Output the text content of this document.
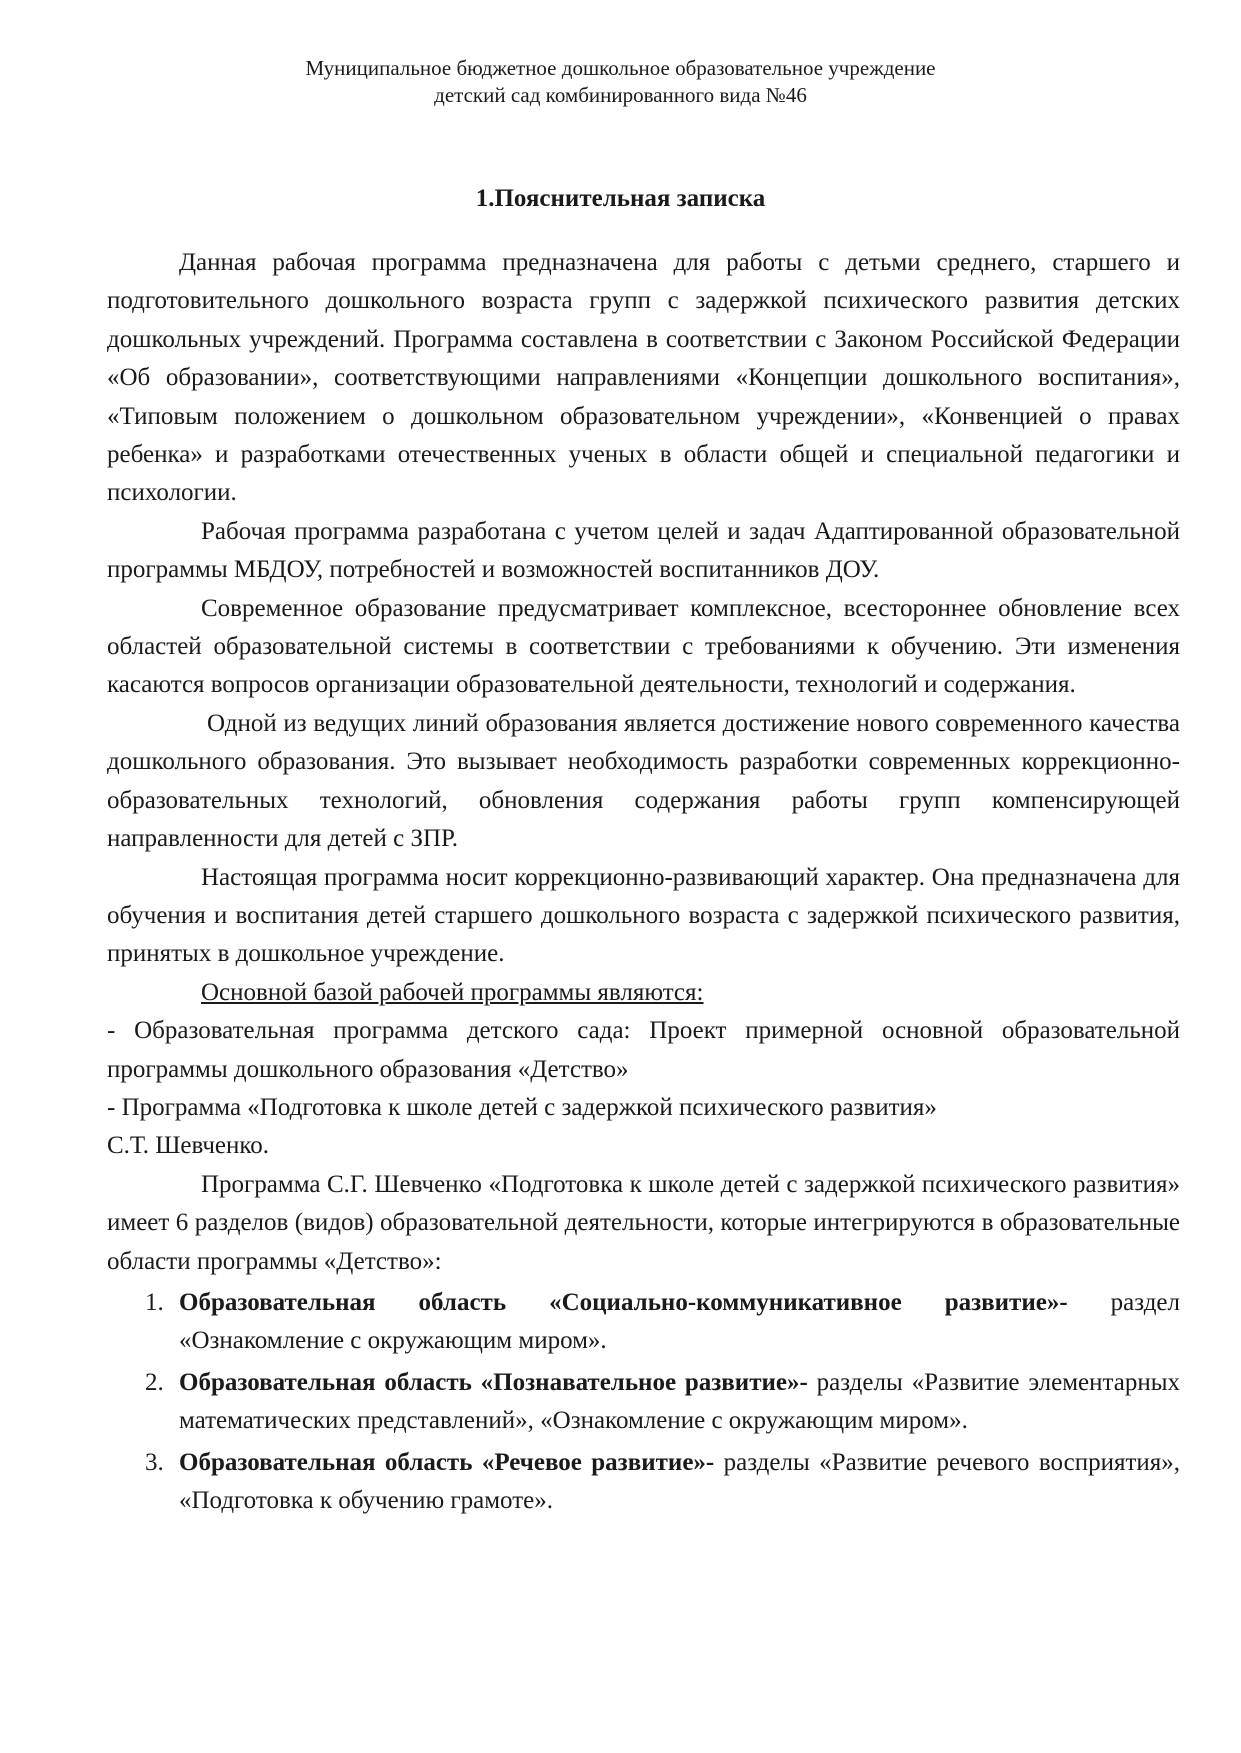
Муниципальное бюджетное дошкольное образовательное учреждение
детский сад комбинированного вида №46
1.Пояснительная записка

Данная рабочая программа предназначена для работы с детьми среднего, старшего и подготовительного дошкольного возраста групп с задержкой психического развития детских дошкольных учреждений. Программа составлена в соответствии с Законом Российской Федерации «Об образовании», соответствующими направлениями «Концепции дошкольного воспитания», «Типовым положением о дошкольном образовательном учреждении», «Конвенцией о правах ребенка» и разработками отечественных ученых в области общей и специальной педагогики и психологии.

Рабочая программа разработана с учетом целей и задач Адаптированной образовательной программы МБДОУ, потребностей и возможностей воспитанников ДОУ.

Современное образование предусматривает комплексное, всестороннее обновление всех областей образовательной системы в соответствии с требованиями к обучению. Эти изменения касаются вопросов организации образовательной деятельности, технологий и содержания.

Одной из ведущих линий образования является достижение нового современного качества дошкольного образования. Это вызывает необходимость разработки современных коррекционно-образовательных технологий, обновления содержания работы групп компенсирующей направленности для детей с ЗПР.

Настоящая программа носит коррекционно-развивающий характер. Она предназначена для обучения и воспитания детей старшего дошкольного возраста с задержкой психического развития, принятых в дошкольное учреждение.

Основной базой рабочей программы являются:

- Образовательная программа детского сада: Проект примерной основной образовательной программы дошкольного образования «Детство»

- Программа «Подготовка к школе детей с задержкой психического развития»

С.Т. Шевченко.

Программа С.Г. Шевченко «Подготовка к школе детей с задержкой психического развития» имеет 6 разделов (видов) образовательной деятельности, которые интегрируются в образовательные области программы «Детство»:

1. Образовательная область «Социально-коммуникативное развитие»- раздел «Ознакомление с окружающим миром».
2. Образовательная область «Познавательное развитие»- разделы «Развитие элементарных математических представлений», «Ознакомление с окружающим миром».
3. Образовательная область «Речевое развитие»- разделы «Развитие речевого восприятия», «Подготовка к обучению грамоте».
